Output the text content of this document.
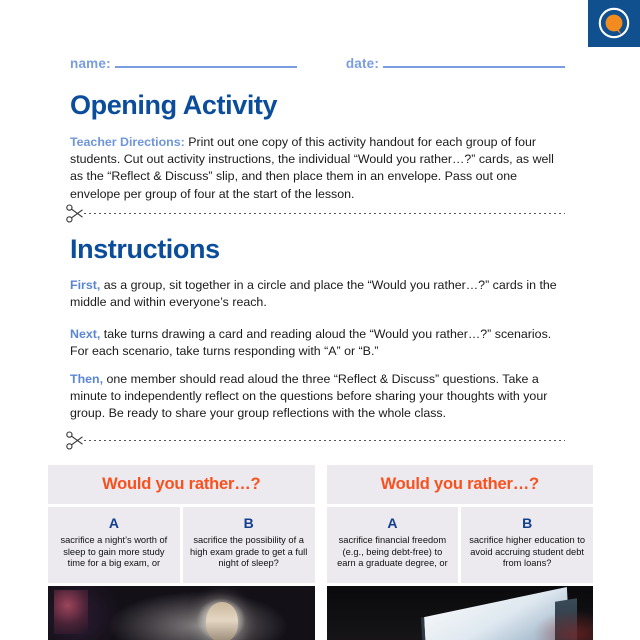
name:	date:
Opening Activity

Teacher Directions: Print out one copy of this activity handout for each group of four students. Cut out activity instructions, the individual “Would you rather…?” cards, as well as the “Reflect & Discuss” slip, and then place them in an envelope. Pass out one envelope per group of four at the start of the lesson.

Instructions

First, as a group, sit together in a circle and place the “Would you rather…?” cards in the middle and within everyone’s reach.

Next, take turns drawing a card and reading aloud the “Would you rather…?” scenarios. For each scenario, take turns responding with “A” or “B.”

Then, one member should read aloud the three “Reflect & Discuss” questions. Take a minute to independently reflect on the questions before sharing your thoughts with your group. Be ready to share your group reflections with the whole class.

Would you rather…?
A
sacrifice a night’s worth of sleep to gain more study time for a big exam, or
B
sacrifice the possibility of a high exam grade to get a full night of sleep?
Would you rather…?
A
sacrifice financial freedom (e.g., being debt-free) to earn a graduate degree, or
B
sacrifice higher education to avoid accruing student debt from loans?
